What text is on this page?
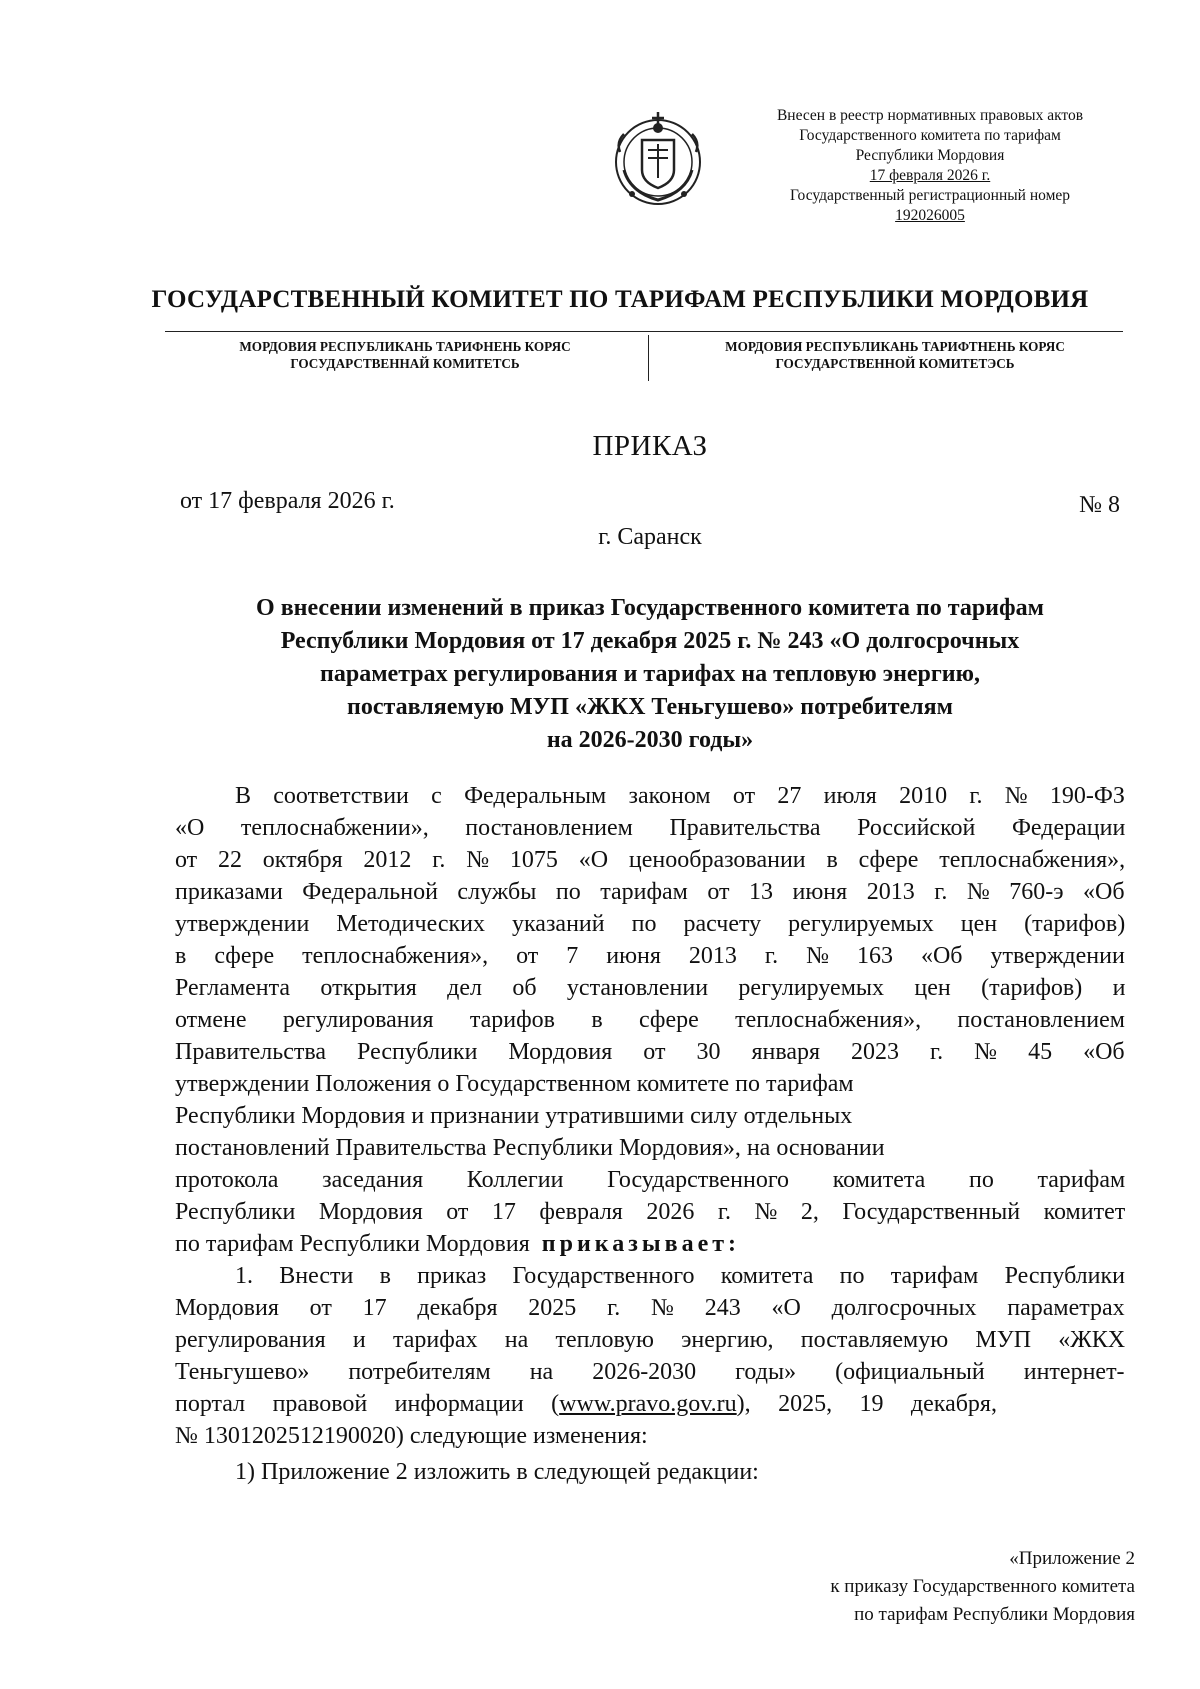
Внесен в реестр нормативных правовых актов
Государственного комитета по тарифам
Республики Мордовия
17 февраля 2026 г.
Государственный регистрационный номер
192026005
ГОСУДАРСТВЕННЫЙ КОМИТЕТ ПО ТАРИФАМ РЕСПУБЛИКИ МОРДОВИЯ
МОРДОВИЯ РЕСПУБЛИКАНЬ ТАРИФНЕНЬ КОРЯС
ГОСУДАРСТВЕННАЙ КОМИТЕТСЬ
МОРДОВИЯ РЕСПУБЛИКАНЬ ТАРИФТНЕНЬ КОРЯС
ГОСУДАРСТВЕННОЙ КОМИТЕТЭСЬ
ПРИКАЗ
от 17 февраля 2026 г.	№ 8
г. Саранск
О внесении изменений в приказ Государственного комитета по тарифам
Республики Мордовия от 17 декабря 2025 г. № 243 «О долгосрочных
параметрах регулирования и тарифах на тепловую энергию,
поставляемую МУП «ЖКХ Теньгушево» потребителям
на 2026-2030 годы»
В соответствии с Федеральным законом от 27 июля 2010 г. № 190-ФЗ
«О теплоснабжении», постановлением Правительства Российской Федерации
от 22 октября 2012 г. № 1075 «О ценообразовании в сфере теплоснабжения»,
приказами Федеральной службы по тарифам от 13 июня 2013 г. № 760-э «Об
утверждении Методических указаний по расчету регулируемых цен (тарифов)
в сфере теплоснабжения», от 7 июня 2013 г. № 163 «Об утверждении
Регламента открытия дел об установлении регулируемых цен (тарифов) и
отмене регулирования тарифов в сфере теплоснабжения», постановлением
Правительства Республики Мордовия от 30 января 2023 г. № 45 «Об
утверждении Положения о Государственном комитете по тарифам
Республики Мордовия и признании утратившими силу отдельных
постановлений Правительства Республики Мордовия», на основании
протокола заседания Коллегии Государственного комитета по тарифам
Республики Мордовия от 17 февраля 2026 г. № 2, Государственный комитет
по тарифам Республики Мордовия приказывает:
1. Внести в приказ Государственного комитета по тарифам Республики
Мордовия от 17 декабря 2025 г. № 243 «О долгосрочных параметрах
регулирования и тарифах на тепловую энергию, поставляемую МУП «ЖКХ
Теньгушево» потребителям на 2026-2030 годы» (официальный интернет-
портал правовой информации (www.pravo.gov.ru), 2025, 19 декабря,
№ 1301202512190020) следующие изменения:
1) Приложение 2 изложить в следующей редакции:
«Приложение 2
к приказу Государственного комитета
по тарифам Республики Мордовия
